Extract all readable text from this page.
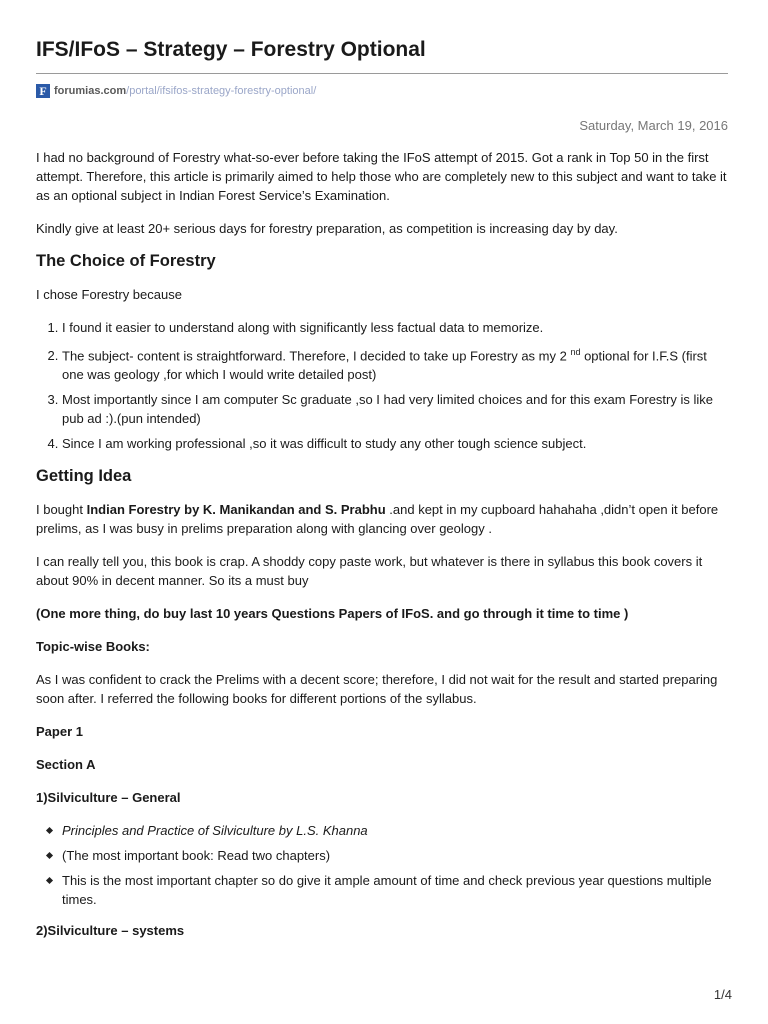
IFS/IFoS – Strategy – Forestry Optional
F forumias.com /portal/ifsifos-strategy-forestry-optional/
Saturday, March 19, 2016

I had no background of Forestry what-so-ever before taking the IFoS attempt of 2015. Got a rank in Top 50 in the first attempt. Therefore, this article is primarily aimed to help those who are completely new to this subject and want to take it as an optional subject in Indian Forest Service’s Examination.

Kindly give at least 20+ serious days for forestry preparation, as competition is increasing day by day.

The Choice of Forestry

I chose Forestry because

1. I found it easier to understand along with significantly less factual data to memorize.
2. The subject- content is straightforward. Therefore, I decided to take up Forestry as my 2 $^{nd}$ optional for I.F.S (first one was geology ,for which I would write detailed post)
3. Most importantly since I am computer Sc graduate ,so I had very limited choices and for this exam Forestry is like pub ad :).(pun intended)
4. Since I am working professional ,so it was difficult to study any other tough science subject.
Getting Idea

I bought Indian Forestry by K. Manikandan and S. Prabhu .and kept in my cupboard hahahaha ,didn’t open it before prelims, as I was busy in prelims preparation along with glancing over geology .

I can really tell you, this book is crap. A shoddy copy paste work, but whatever is there in syllabus this book covers it about 90% in decent manner. So its a must buy

(One more thing, do buy last 10 years Questions Papers of IFoS. and go through it time to time )

Topic-wise Books:

As I was confident to crack the Prelims with a decent score; therefore, I did not wait for the result and started preparing soon after. I referred the following books for different portions of the syllabus.

Paper 1

Section A

1)Silviculture – General

Principles and Practice of Silviculture by L.S. Khanna
(The most important book: Read two chapters)
This is the most important chapter so do give it ample amount of time and check previous year questions multiple times.

2)Silviculture – systems

1/4
